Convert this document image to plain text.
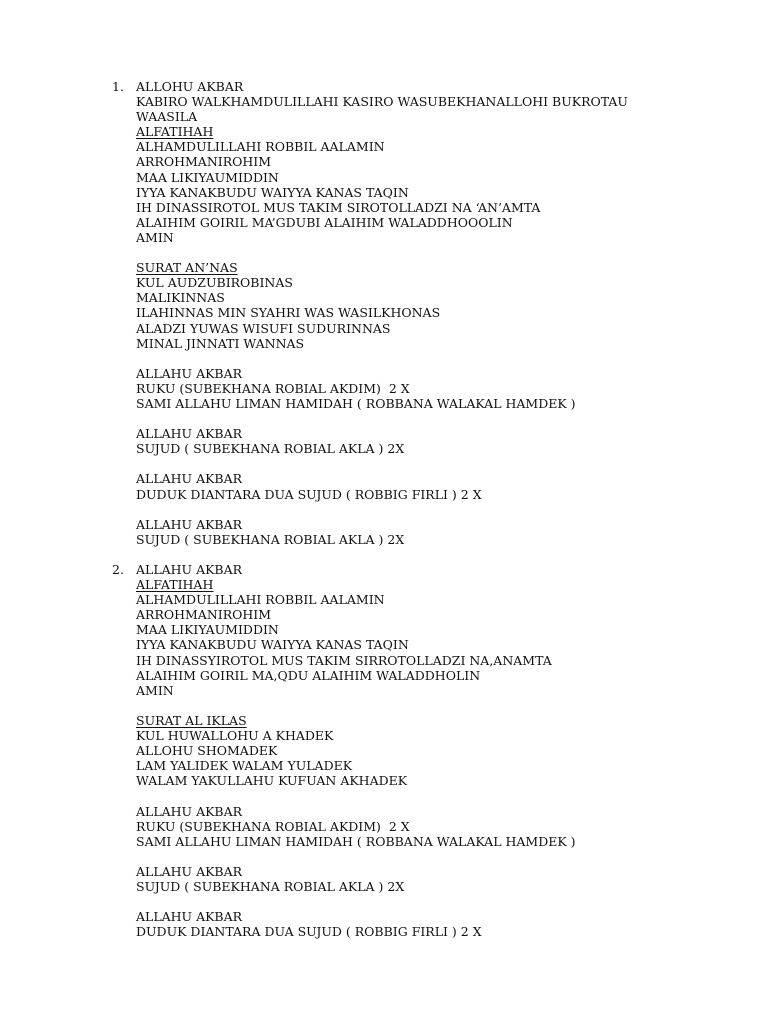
1. ALLOHU AKBAR
KABIRO WALKHAMDULILLAHI KASIRO WASUBEKHANALLOHI BUKROTAU
WAASILA
ALFATIHAH
ALHAMDULILLAHI ROBBIL AALAMIN
ARROHMANIROHIM
MAA LIKIYAUMIDDIN
IYYA KANAKBUDU WAIYYA KANAS TAQIN
IH DINASSIROTOL MUS TAKIM SIROTOLLADZI NA ‘AN’AMTA
ALAIHIM GOIRIL MA’GDUBI ALAIHIM WALADDHOOOLIN
AMIN
SURAT AN’NAS
KUL AUDZUBIROBINAS
MALIKINNAS
ILAHINNAS MIN SYAHRI WAS WASILKHONAS
ALADZI YUWAS WISUFI SUDURINNAS
MINAL JINNATI WANNAS
ALLAHU AKBAR
RUKU (SUBEKHANA ROBIAL AKDIM)  2 X
SAMI ALLAHU LIMAN HAMIDAH ( ROBBANA WALAKAL HAMDEK )
ALLAHU AKBAR
SUJUD ( SUBEKHANA ROBIAL AKLA ) 2X
ALLAHU AKBAR
DUDUK DIANTARA DUA SUJUD ( ROBBIG FIRLI ) 2 X
ALLAHU AKBAR
SUJUD ( SUBEKHANA ROBIAL AKLA ) 2X
2. ALLAHU AKBAR
ALFATIHAH
ALHAMDULILLAHI ROBBIL AALAMIN
ARROHMANIROHIM
MAA LIKIYAUMIDDIN
IYYA KANAKBUDU WAIYYA KANAS TAQIN
IH DINASSYIROTOL MUS TAKIM SIRROTOLLADZI NA,ANAMTA
ALAIHIM GOIRIL MA,QDU ALAIHIM WALADDHOLIN
AMIN
SURAT AL IKLAS
KUL HUWALLOHU A KHADEK
ALLOHU SHOMADEK
LAM YALIDEK WALAM YULADEK
WALAM YAKULLAHU KUFUAN AKHADEK
ALLAHU AKBAR
RUKU (SUBEKHANA ROBIAL AKDIM)  2 X
SAMI ALLAHU LIMAN HAMIDAH ( ROBBANA WALAKAL HAMDEK )
ALLAHU AKBAR
SUJUD ( SUBEKHANA ROBIAL AKLA ) 2X
ALLAHU AKBAR
DUDUK DIANTARA DUA SUJUD ( ROBBIG FIRLI ) 2 X
